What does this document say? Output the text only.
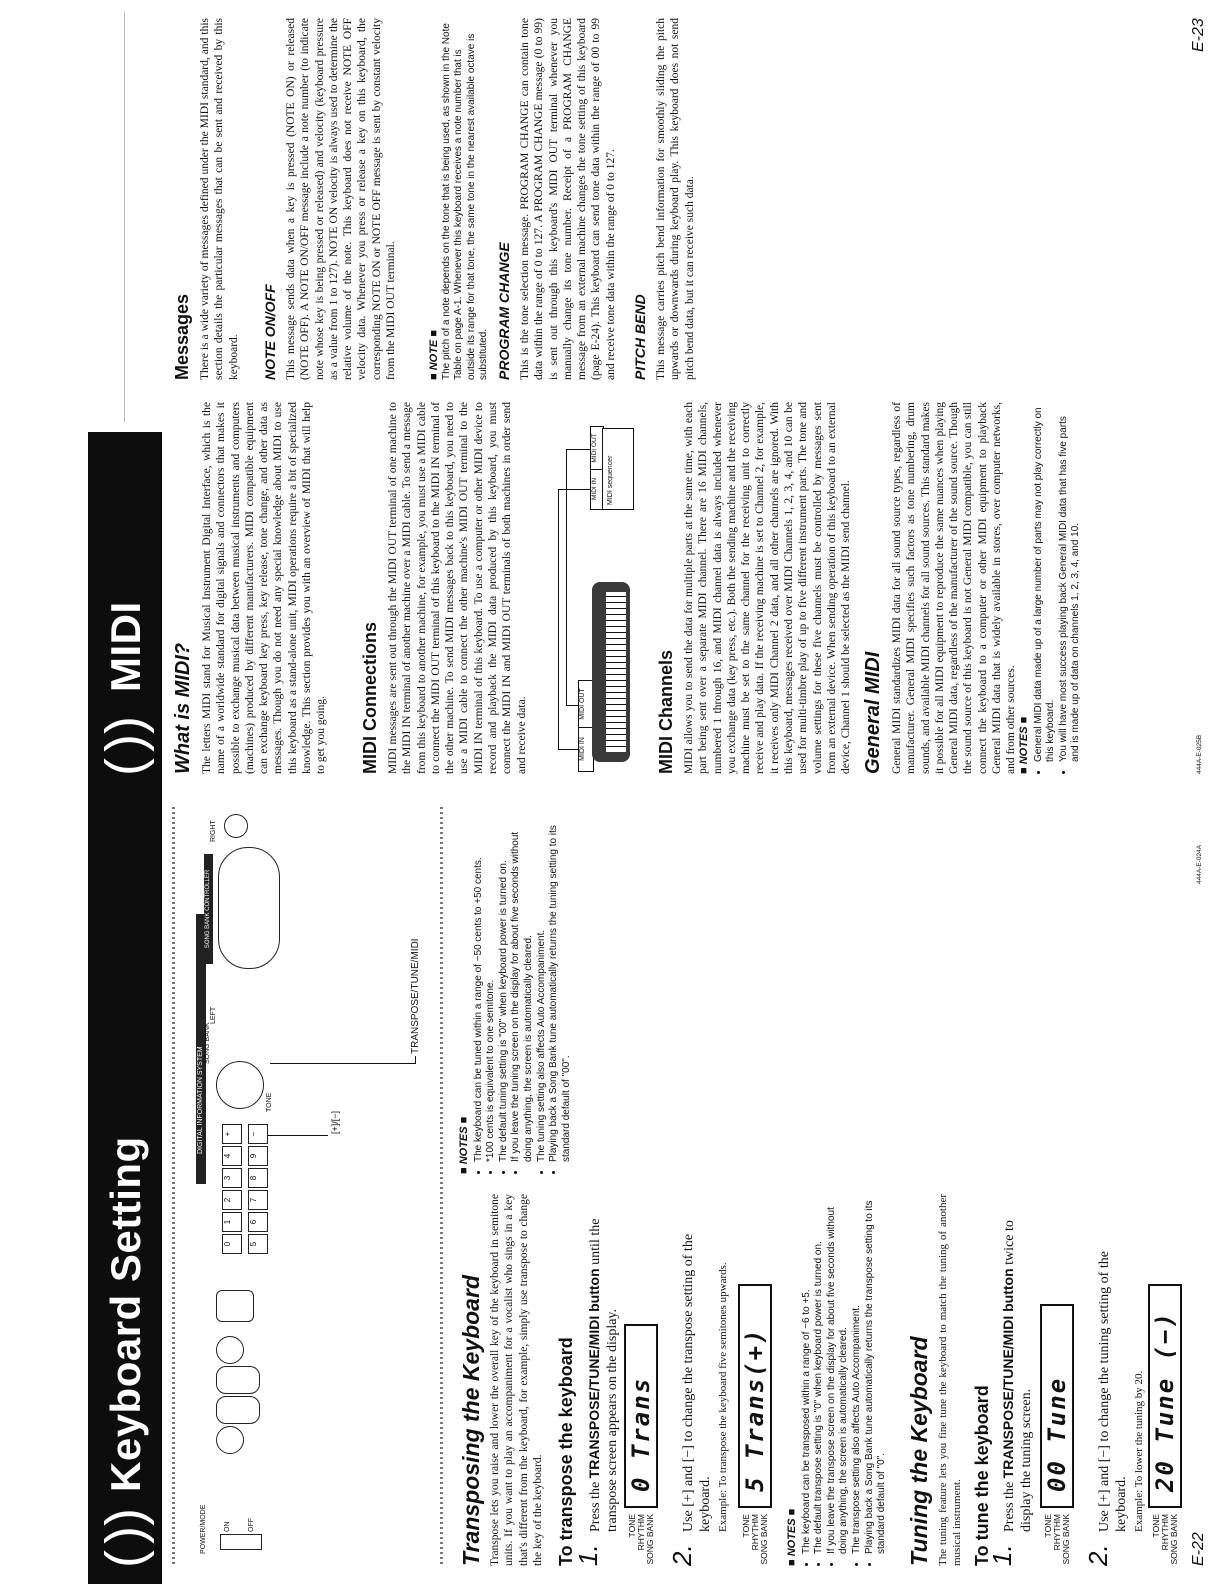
(
))
Keyboard Setting
POWER/MODE ON OFF
0
1
2
3
4
+
5
6
7
8
9
−
DIGITAL INFORMATION SYSTEM	TONE
SONG BANK
LEFT
SONG BANK CONTROLLER
RIGHT
[+]/[−]
TRANSPOSE/TUNE/MIDI
Transposing the Keyboard Transpose lets you raise and lower the overall key of the keyboard in semitone units. If you want to play an accompaniment for a vocalist who sings in a key that's different from the keyboard, for example, simply use transpose to change the key of the keyboard. To transpose the keyboard
1.
Press the TRANSPOSE/TUNE/MIDI button until the transpose screen appears on the display. TONE RHYTHM SONG BANK
0 Trans
2.
Use [+] and [−] to change the transpose setting of the keyboard. Example: To transpose the keyboard five semitones upwards.	TONE RHYTHM SONG BANK
5 Trans(+)
■ NOTES ■ • The keyboard can be transposed within a range of −6 to +5. • The default transpose setting is "0" when keyboard power is turned on. • If you leave the transpose screen on the display for about five seconds without doing anything, the screen is automatically cleared. • The transpose setting also affects Auto Accompaniment. • Playing back a Song Bank tune automatically returns the transpose setting to its standard default of "0". Tuning the Keyboard The tuning feature lets you fine tune the keyboard to match the tuning of another musical instrument. To tune the keyboard
1.
Press the TRANSPOSE/TUNE/MIDI button twice to display the tuning screen. TONE RHYTHM SONG BANK
00 Tune
2.
Use [+] and [−] to change the tuning setting of the keyboard. Example: To lower the tuning by 20. TONE RHYTHM SONG BANK
20 Tune (−)
■ NOTES ■ • The keyboard can be tuned within a range of −50 cents to +50 cents. • *100 cents is equivalent to one semitone. • The default tuning setting is "00" when keyboard power is turned on. • If you leave the tuning screen on the display for about five seconds without doing anything, the screen is automatically cleared. • The tuning setting also affects Auto Accompaniment. • Playing back a Song Bank tune automatically returns the tuning setting to its standard default of "00".
E-22
444A-E-024A
(
))
MIDI What is MIDI? The letters MIDI stand for Musical Instrument Digital Interface, which is the name of a worldwide standard for digital signals and connectors that makes it possible to exchange musical data between musical instruments and computers (machines) produced by different manufacturers. MIDI compatible equipment can exchange keyboard key press, key release, tone change, and other data as messages. Though you do not need any special knowledge about MIDI to use this keyboard as a stand-alone unit, MIDI operations require a bit of specialized knowledge. This section provides you with an overview of MIDI that will help to get you going. MIDI Connections MIDI messages are sent out through the MIDI OUT terminal of one machine to the MIDI IN terminal of another machine over a MIDI cable. To send a message from this keyboard to another machine, for example, you must use a MIDI cable to connect the MIDI OUT terminal of this keyboard to the MIDI IN terminal of the other machine. To send MIDI messages back to this keyboard, you need to use a MIDI cable to connect the other machine's MIDI OUT terminal to the MIDI IN terminal of this keyboard. To use a computer or other MIDI device to record and playback the MIDI data produced by this keyboard, you must connect the MIDI IN and MIDI OUT terminals of both machines in order send and receive data.	MIDI IN
MIDI OUT
MIDI IN
MIDI OUT
MIDI sequencer
MIDI Channels MIDI allows you to send the data for multiple parts at the same time, with each part being sent over a separate MIDI channel. There are 16 MIDI channels, numbered 1 through 16, and MIDI channel data is always included whenever you exchange data (key press, etc.). Both the sending machine and the receiving machine must be set to the same channel for the receiving unit to correctly receive and play data. If the receiving machine is set to Channel 2, for example, it receives only MIDI Channel 2 data, and all other channels are ignored. With this keyboard, messages received over MIDI Channels 1, 2, 3, 4, and 10 can be used for multi-timbre play of up to five different instrument parts. The tone and volume settings for these five channels must be controlled by messages sent from an external device. When sending operation of this keyboard to an external device, Channel 1 should be selected as the MIDI send channel. General MIDI General MIDI standardizes MIDI data for all sound source types, regardless of manufacturer. General MIDI specifies such factors as tone numbering, drum sounds, and available MIDI channels for all sound sources. This standard makes it possible for all MIDI equipment to reproduce the same nuances when playing General MIDI data, regardless of the manufacturer of the sound source. Though the sound source of this keyboard is not General MIDI compatible, you can still connect the keyboard to a computer or other MIDI equipment to playback General MIDI data that is widely available in stores, over computer networks, and from other sources. ■ NOTES ■ • General MIDI data made up of a large number of parts may not play correctly on this keyboard. • You will have most success playing back General MIDI data that has five parts and is made up of data on channels 1, 2, 3, 4, and 10.
Messages There is a wide variety of messages defined under the MIDI standard, and this section details the particular messages that can be sent and received by this keyboard. NOTE ON/OFF This message sends data when a key is pressed (NOTE ON) or released (NOTE OFF). A NOTE ON/OFF message include a note number (to indicate note whose key is being pressed or released) and velocity (keyboard pressure as a value from 1 to 127). NOTE ON velocity is always used to determine the relative volume of the note. This keyboard does not receive NOTE OFF velocity data. Whenever you press or release a key on this keyboard, the corresponding NOTE ON or NOTE OFF message is sent by constant velocity from the MIDI OUT terminal.	■ NOTE ■ The pitch of a note depends on the tone that is being used, as shown in the Note Table on page A-1. Whenever this keyboard receives a note number that is outside its range for that tone, the same tone in the nearest available octave is substituted. PROGRAM CHANGE This is the tone selection message. PROGRAM CHANGE can contain tone data within the range of 0 to 127. A PROGRAM CHANGE message (0 to 99) is sent out through this keyboard's MIDI OUT terminal whenever you manually change its tone number. Receipt of a PROGRAM CHANGE message from an external machine changes the tone setting of this keyboard (page E-24). This keyboard can send tone data within the range of 00 to 99 and receive tone data within the range of 0 to 127. PITCH BEND This message carries pitch bend information for smoothly sliding the pitch upwards or downwards during keyboard play. This keyboard does not send pitch bend data, but it can receive such data.
444A-E-025B
E-23
